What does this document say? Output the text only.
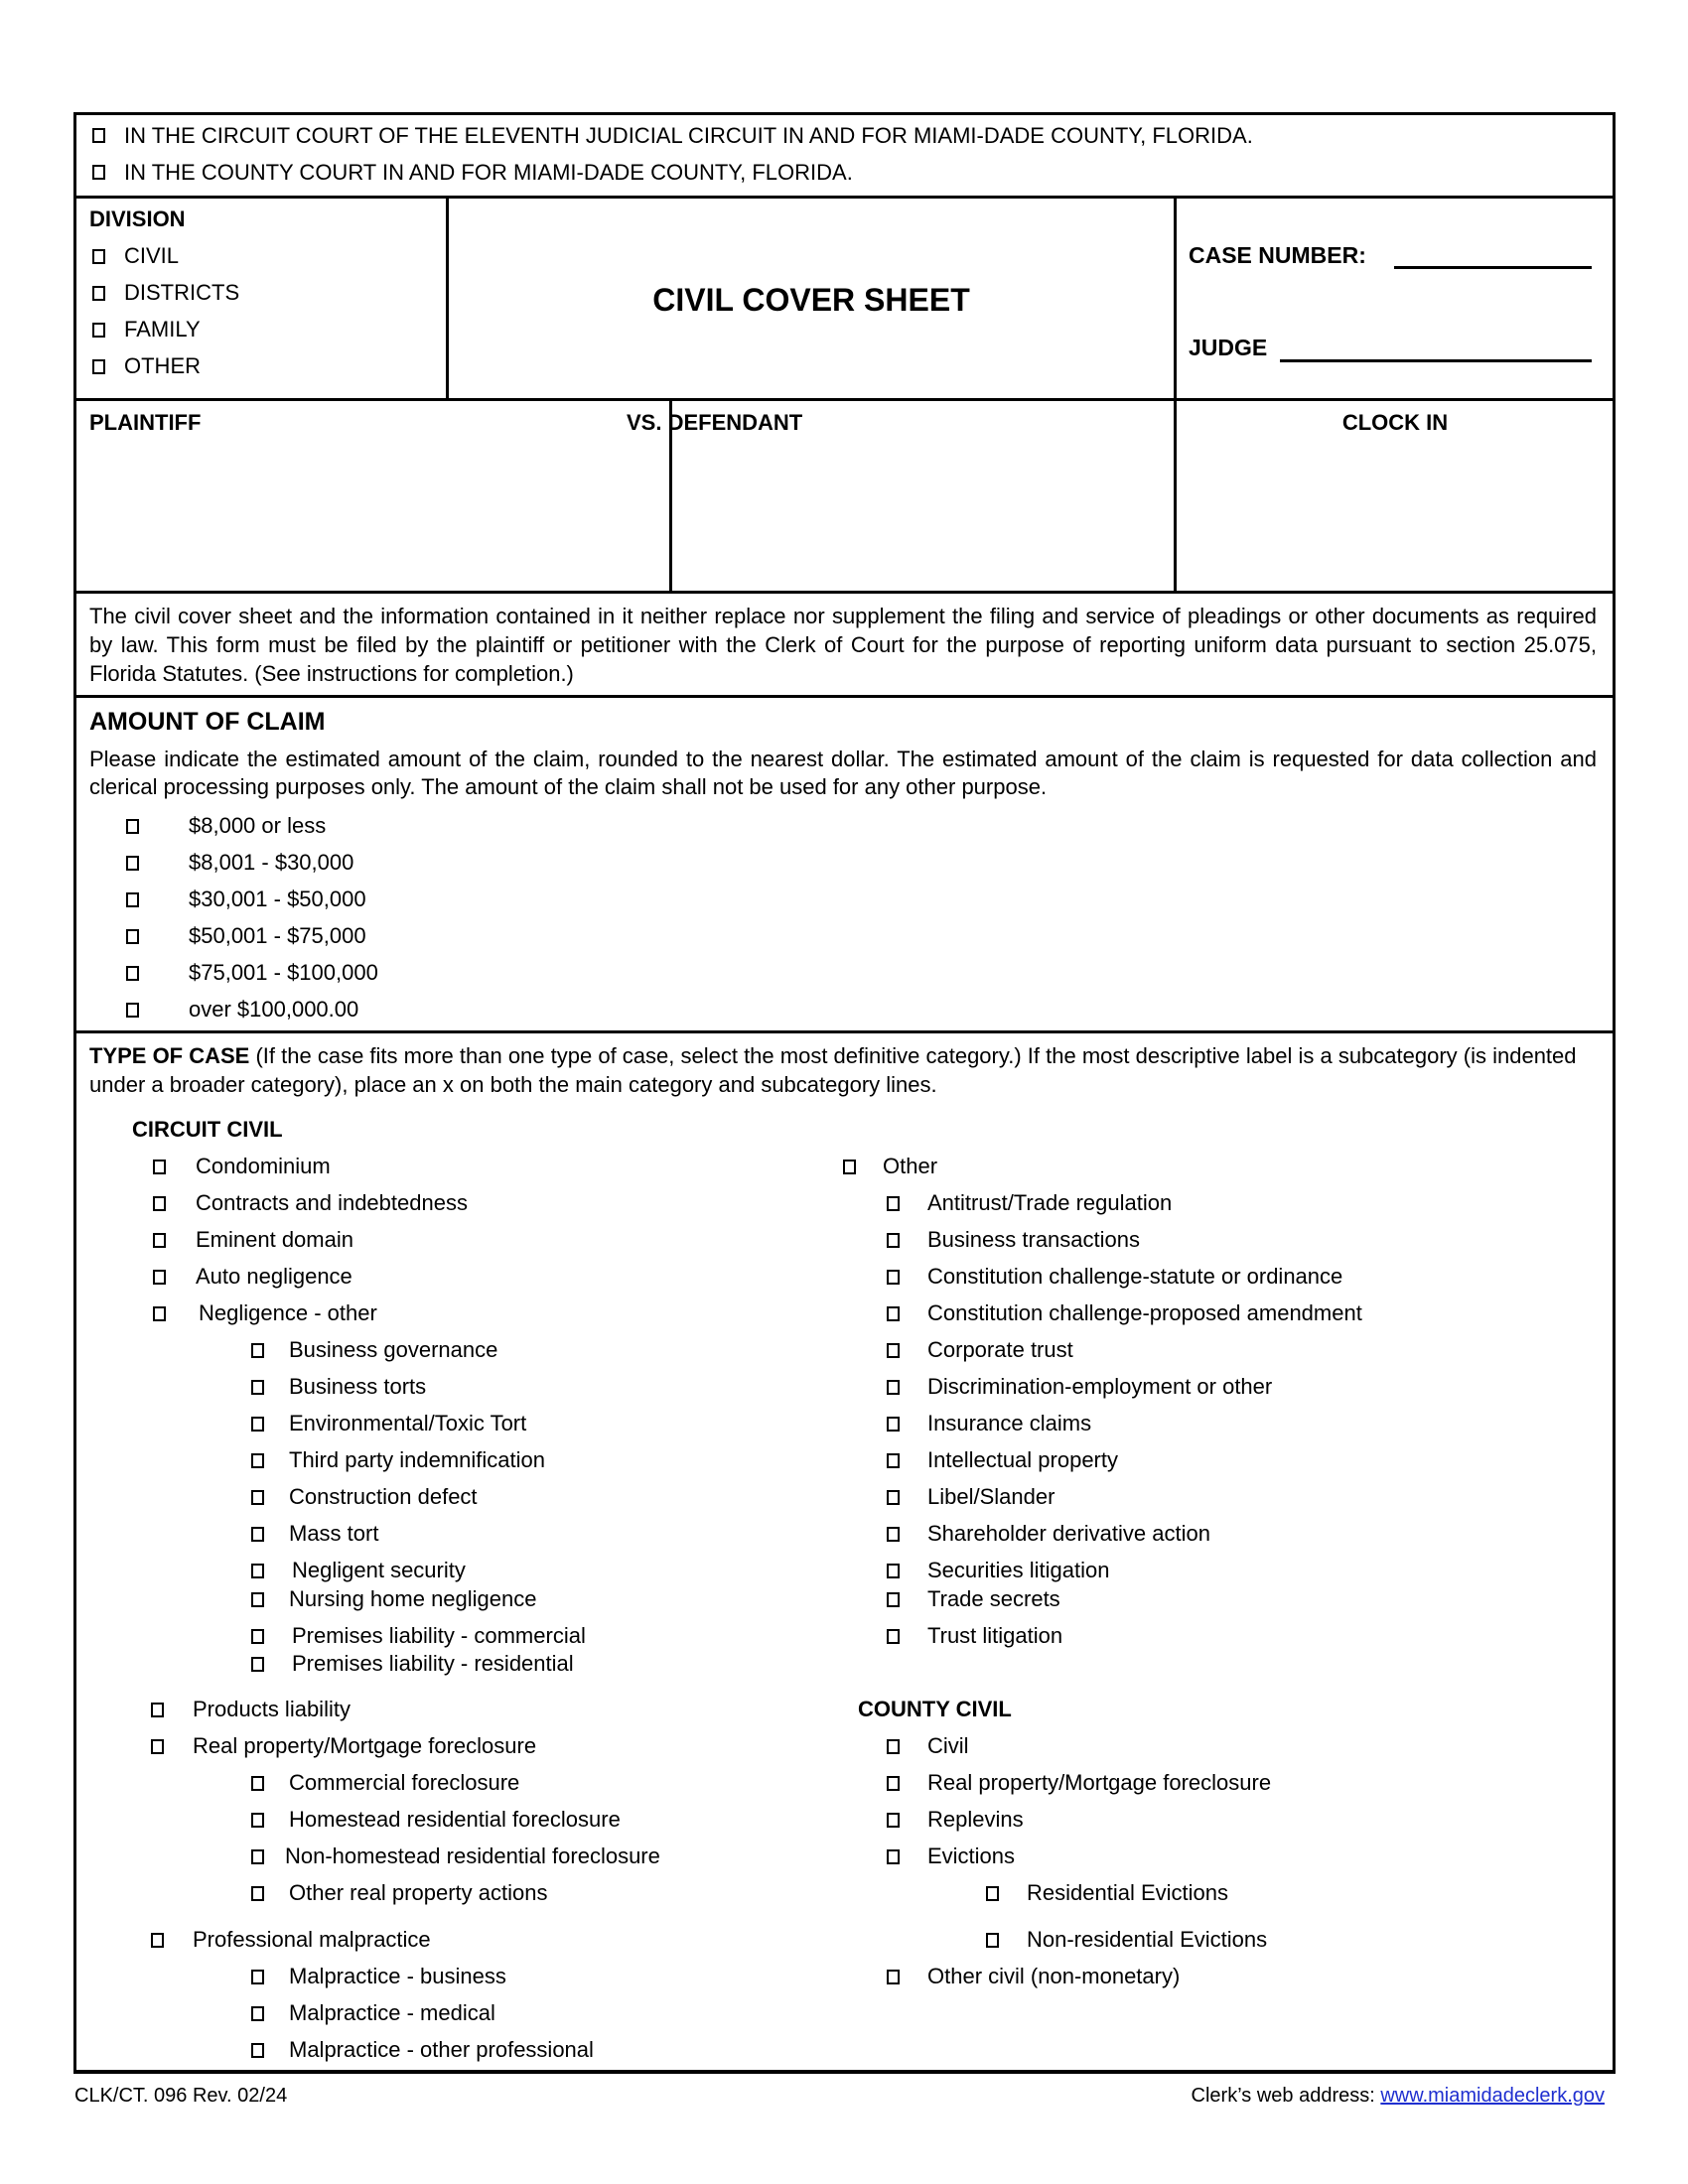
IN THE CIRCUIT COURT OF THE ELEVENTH JUDICIAL CIRCUIT IN AND FOR MIAMI-DADE COUNTY, FLORIDA.
IN THE COUNTY COURT IN AND FOR MIAMI-DADE COUNTY, FLORIDA.
DIVISION
CIVIL
DISTRICTS
FAMILY
OTHER
CIVIL COVER SHEET
CASE NUMBER:
JUDGE
PLAINTIFF	VS. DEFENDANT	CLOCK IN
The civil cover sheet and the information contained in it neither replace nor supplement the filing and service of pleadings or other documents as required by law. This form must be filed by the plaintiff or petitioner with the Clerk of Court for the purpose of reporting uniform data pursuant to section 25.075, Florida Statutes. (See instructions for completion.)
AMOUNT OF CLAIM
Please indicate the estimated amount of the claim, rounded to the nearest dollar. The estimated amount of the claim is requested for data collection and clerical processing purposes only. The amount of the claim shall not be used for any other purpose.
$8,000 or less
$8,001 - $30,000
$30,001 - $50,000
$50,001 - $75,000
$75,001 - $100,000
over $100,000.00
TYPE OF CASE (If the case fits more than one type of case, select the most definitive category.) If the most descriptive label is a subcategory (is indented under a broader category), place an x on both the main category and subcategory lines.
CIRCUIT CIVIL
Condominium
Contracts and indebtedness
Eminent domain
Auto negligence
Negligence - other
Business governance
Business torts
Environmental/Toxic Tort
Third party indemnification
Construction defect
Mass tort
Negligent security
Nursing home negligence
Premises liability - commercial
Premises liability - residential
Products liability
Real property/Mortgage foreclosure
Commercial foreclosure
Homestead residential foreclosure
Non-homestead residential foreclosure
Other real property actions
Professional malpractice
Malpractice - business
Malpractice - medical
Malpractice - other professional
Other
Antitrust/Trade regulation
Business transactions
Constitution challenge-statute or ordinance
Constitution challenge-proposed amendment
Corporate trust
Discrimination-employment or other
Insurance claims
Intellectual property
Libel/Slander
Shareholder derivative action
Securities litigation
Trade secrets
Trust litigation
COUNTY CIVIL
Civil
Real property/Mortgage foreclosure
Replevins
Evictions
Residential Evictions
Non-residential Evictions
Other civil (non-monetary)
CLK/CT. 096 Rev. 02/24	Clerk’s web address: www.miamidadeclerk.gov
